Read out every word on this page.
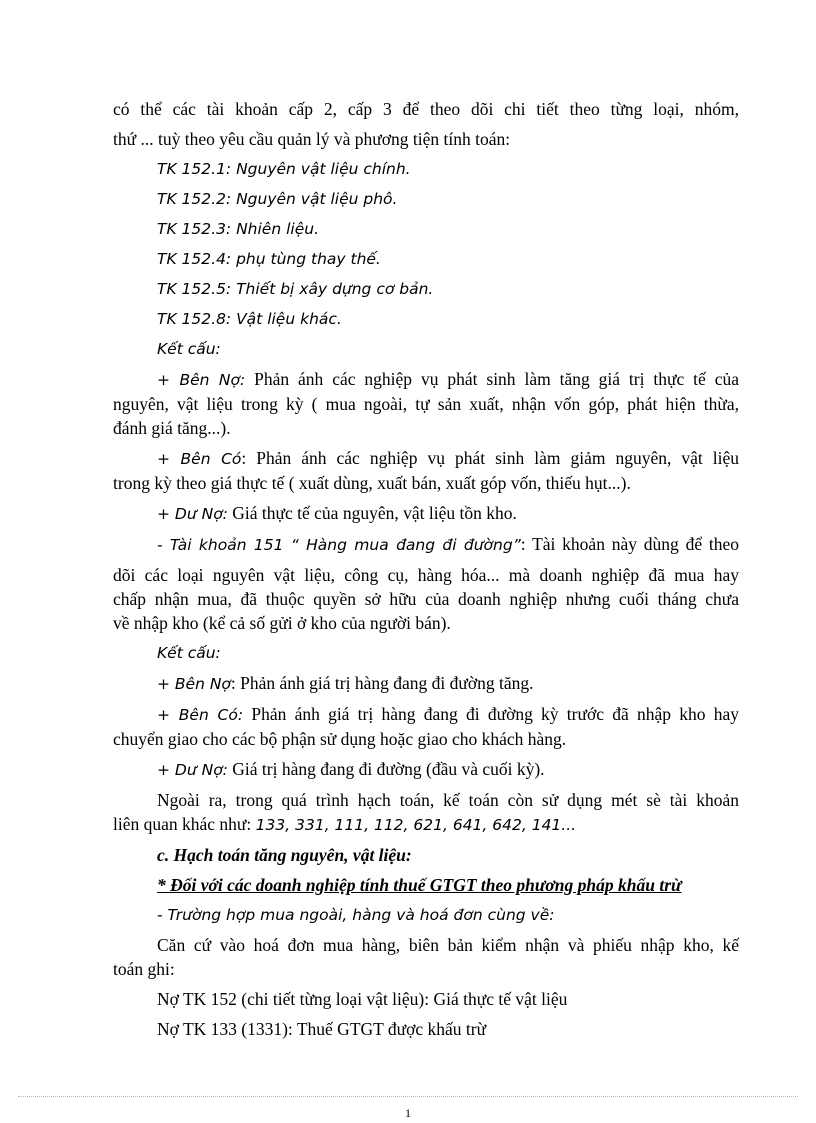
có thể các tài khoản cấp 2, cấp 3 để theo dõi chi tiết theo từng loại, nhóm,

thứ ... tuỳ theo yêu cầu quản lý và phương tiện tính toán:

TK 152.1: Nguyên vật liệu chính.

TK 152.2: Nguyên vật liệu phô.

TK 152.3: Nhiên liệu.

TK 152.4: phụ tùng thay thế.

TK 152.5: Thiết bị xây dựng cơ bản.

TK 152.8: Vật liệu khác.

Kết cấu:

+ Bên Nợ: Phản ánh các nghiệp vụ phát sinh làm tăng giá trị thực tế của

nguyên, vật liệu trong kỳ ( mua ngoài, tự sản xuất, nhận vốn góp, phát hiện thừa,

đánh giá tăng...).

+ Bên Có: Phản ánh các nghiệp vụ phát sinh làm giảm nguyên, vật liệu

trong kỳ theo giá thực tế ( xuất dùng, xuất bán, xuất góp vốn, thiếu hụt...).

+ Dư Nợ: Giá thực tế của nguyên, vật liệu tồn kho.

- Tài khoản 151 “ Hàng mua đang đi đường”: Tài khoản này dùng để theo

dõi các loại nguyên vật liệu, công cụ, hàng hóa... mà doanh nghiệp đã mua hay

chấp nhận mua, đã thuộc quyền sở hữu của doanh nghiệp nhưng cuối tháng chưa

về nhập kho (kể cả số gửi ở kho của người bán).

Kết cấu:

+ Bên Nợ: Phản ánh giá trị hàng đang đi đường tăng.

+ Bên Có: Phản ánh giá trị hàng đang đi đường kỳ trước đã nhập kho hay

chuyển giao cho các bộ phận sử dụng hoặc giao cho khách hàng.

+ Dư Nợ: Giá trị hàng đang đi đường (đầu và cuối kỳ).

Ngoài ra, trong quá trình hạch toán, kế toán còn sử dụng mét sè tài khoản

liên quan khác như: 133, 331, 111, 112, 621, 641, 642, 141...

c. Hạch toán tăng nguyên, vật liệu:

* Đối với các doanh nghiệp tính thuế GTGT theo phương pháp khấu trừ

- Trường hợp mua ngoài, hàng và hoá đơn cùng về:

Căn cứ vào hoá đơn mua hàng, biên bản kiểm nhận và phiếu nhập kho, kế

toán ghi:

Nợ TK 152 (chi tiết từng loại vật liệu): Giá thực tế vật liệu

Nợ TK 133 (1331): Thuế GTGT được khấu trừ

1
